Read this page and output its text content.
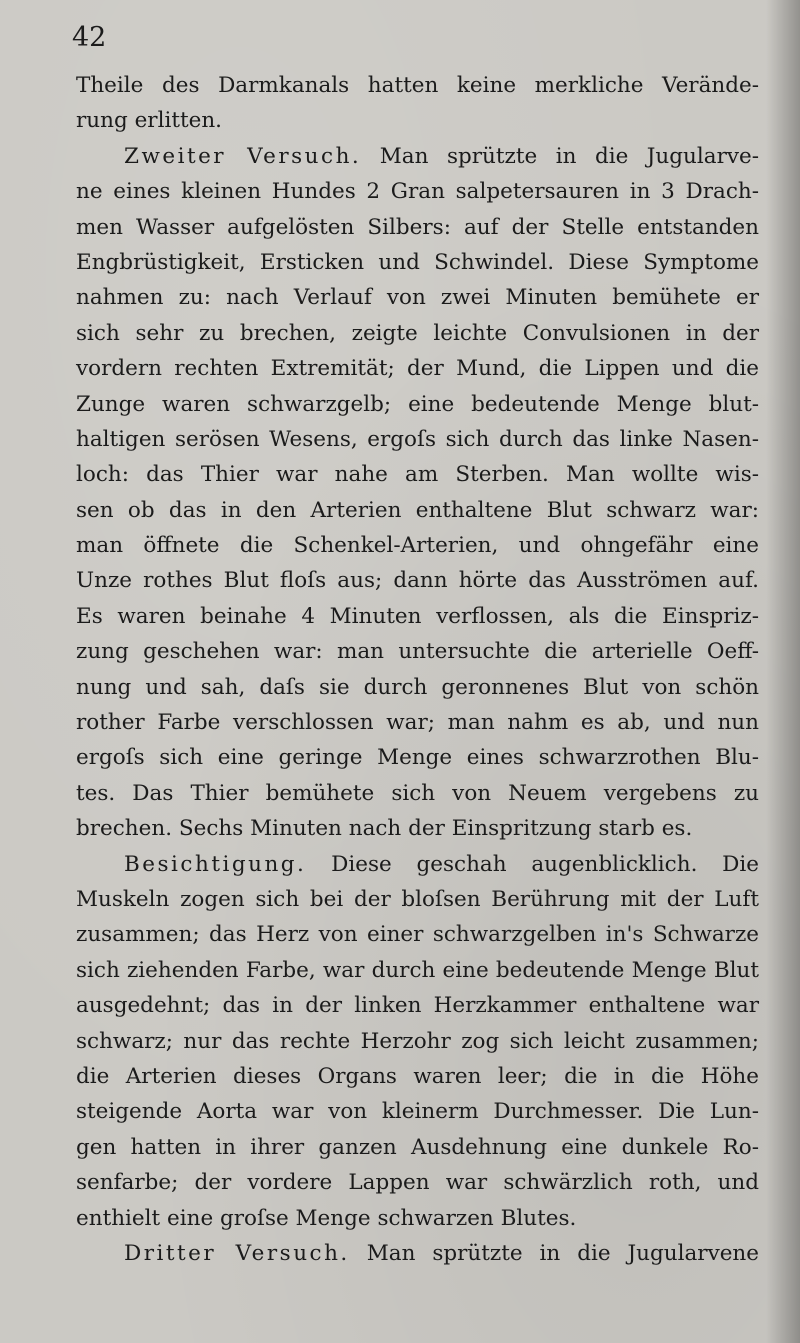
42
Theile des Darmkanals hatten keine merkliche Verände-
rung erlitten.
Zweiter Versuch. Man sprützte in die Jugularve-
ne eines kleinen Hundes 2 Gran salpetersauren in 3 Drach-
men Wasser aufgelösten Silbers: auf der Stelle entstanden
Engbrüstigkeit, Ersticken und Schwindel. Diese Symptome
nahmen zu: nach Verlauf von zwei Minuten bemühete er
sich sehr zu brechen, zeigte leichte Convulsionen in der
vordern rechten Extremität; der Mund, die Lippen und die
Zunge waren schwarzgelb; eine bedeutende Menge blut-
haltigen serösen Wesens, ergoſs sich durch das linke Nasen-
loch: das Thier war nahe am Sterben. Man wollte wis-
sen ob das in den Arterien enthaltene Blut schwarz war:
man öffnete die Schenkel-Arterien, und ohngefähr eine
Unze rothes Blut floſs aus; dann hörte das Ausströmen auf.
Es waren beinahe 4 Minuten verflossen, als die Einspriz-
zung geschehen war: man untersuchte die arterielle Oeff-
nung und sah, daſs sie durch geronnenes Blut von schön
rother Farbe verschlossen war; man nahm es ab, und nun
ergoſs sich eine geringe Menge eines schwarzrothen Blu-
tes. Das Thier bemühete sich von Neuem vergebens zu
brechen. Sechs Minuten nach der Einspritzung starb es.
Besichtigung. Diese geschah augenblicklich. Die
Muskeln zogen sich bei der bloſsen Berührung mit der Luft
zusammen; das Herz von einer schwarzgelben in's Schwarze
sich ziehenden Farbe, war durch eine bedeutende Menge Blut
ausgedehnt; das in der linken Herzkammer enthaltene war
schwarz; nur das rechte Herzohr zog sich leicht zusammen;
die Arterien dieses Organs waren leer; die in die Höhe
steigende Aorta war von kleinerm Durchmesser. Die Lun-
gen hatten in ihrer ganzen Ausdehnung eine dunkele Ro-
senfarbe; der vordere Lappen war schwärzlich roth, und
enthielt eine groſse Menge schwarzen Blutes.
Dritter Versuch. Man sprützte in die Jugularvene
